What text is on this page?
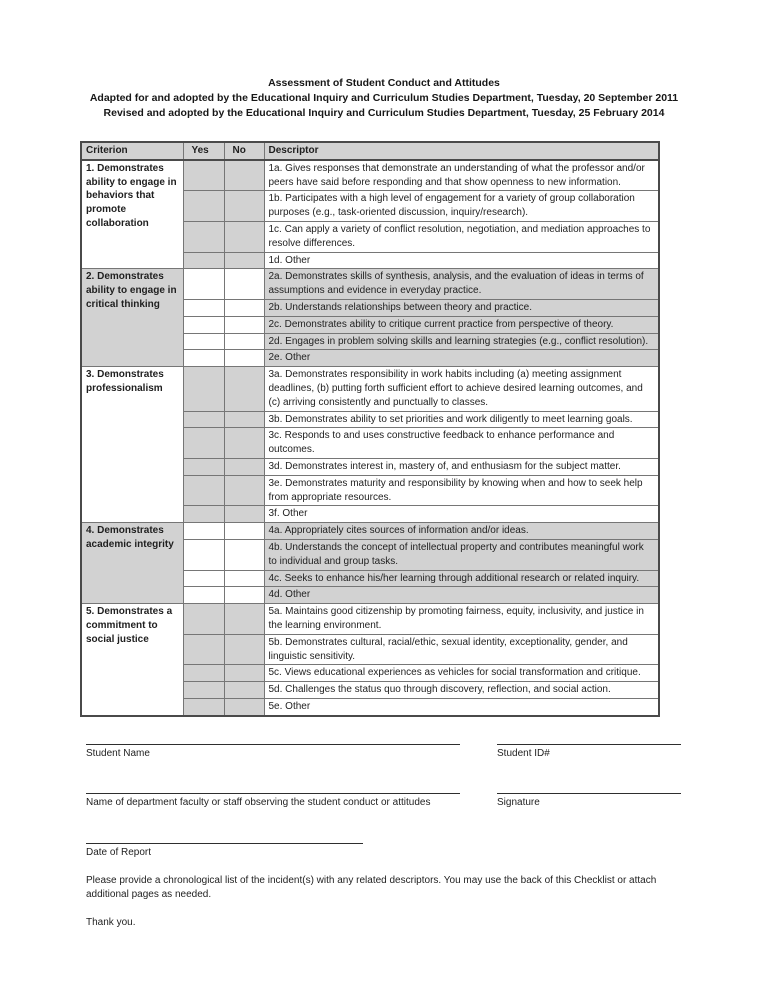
Assessment of Student Conduct and Attitudes
Adapted for and adopted by the Educational Inquiry and Curriculum Studies Department, Tuesday, 20 September 2011
Revised and adopted by the Educational Inquiry and Curriculum Studies Department, Tuesday, 25 February 2014
Criterion	Yes	No	Descriptor
1. Demonstrates ability to engage in behaviors that promote collaboration			1a. Gives responses that demonstrate an understanding of what the professor and/or peers have said before responding and that show openness to new information.
			1b. Participates with a high level of engagement for a variety of group collaboration purposes (e.g., task-oriented discussion, inquiry/research).
			1c. Can apply a variety of conflict resolution, negotiation, and mediation approaches to resolve differences.
			1d. Other
2. Demonstrates ability to engage in critical thinking			2a. Demonstrates skills of synthesis, analysis, and the evaluation of ideas in terms of assumptions and evidence in everyday practice.
			2b. Understands relationships between theory and practice.
			2c. Demonstrates ability to critique current practice from perspective of theory.
			2d. Engages in problem solving skills and learning strategies (e.g., conflict resolution).
			2e. Other
3. Demonstrates professionalism			3a. Demonstrates responsibility in work habits including (a) meeting assignment deadlines, (b) putting forth sufficient effort to achieve desired learning outcomes, and (c) arriving consistently and punctually to classes.
			3b. Demonstrates ability to set priorities and work diligently to meet learning goals.
			3c. Responds to and uses constructive feedback to enhance performance and outcomes.
			3d. Demonstrates interest in, mastery of, and enthusiasm for the subject matter.
			3e. Demonstrates maturity and responsibility by knowing when and how to seek help from appropriate resources.
			3f. Other
4. Demonstrates academic integrity			4a. Appropriately cites sources of information and/or ideas.
			4b. Understands the concept of intellectual property and contributes meaningful work to individual and group tasks.
			4c. Seeks to enhance his/her learning through additional research or related inquiry.
			4d. Other
5. Demonstrates a commitment to social justice			5a. Maintains good citizenship by promoting fairness, equity, inclusivity, and justice in the learning environment.
			5b. Demonstrates cultural, racial/ethic, sexual identity, exceptionality, gender, and linguistic sensitivity.
			5c. Views educational experiences as vehicles for social transformation and critique.
			5d. Challenges the status quo through discovery, reflection, and social action.
			5e. Other
Student Name	Student ID#
Name of department faculty or staff observing the student conduct or attitudes	Signature
Date of Report

Please provide a chronological list of the incident(s) with any related descriptors. You may use the back of this Checklist or attach additional pages as needed.

Thank you.
